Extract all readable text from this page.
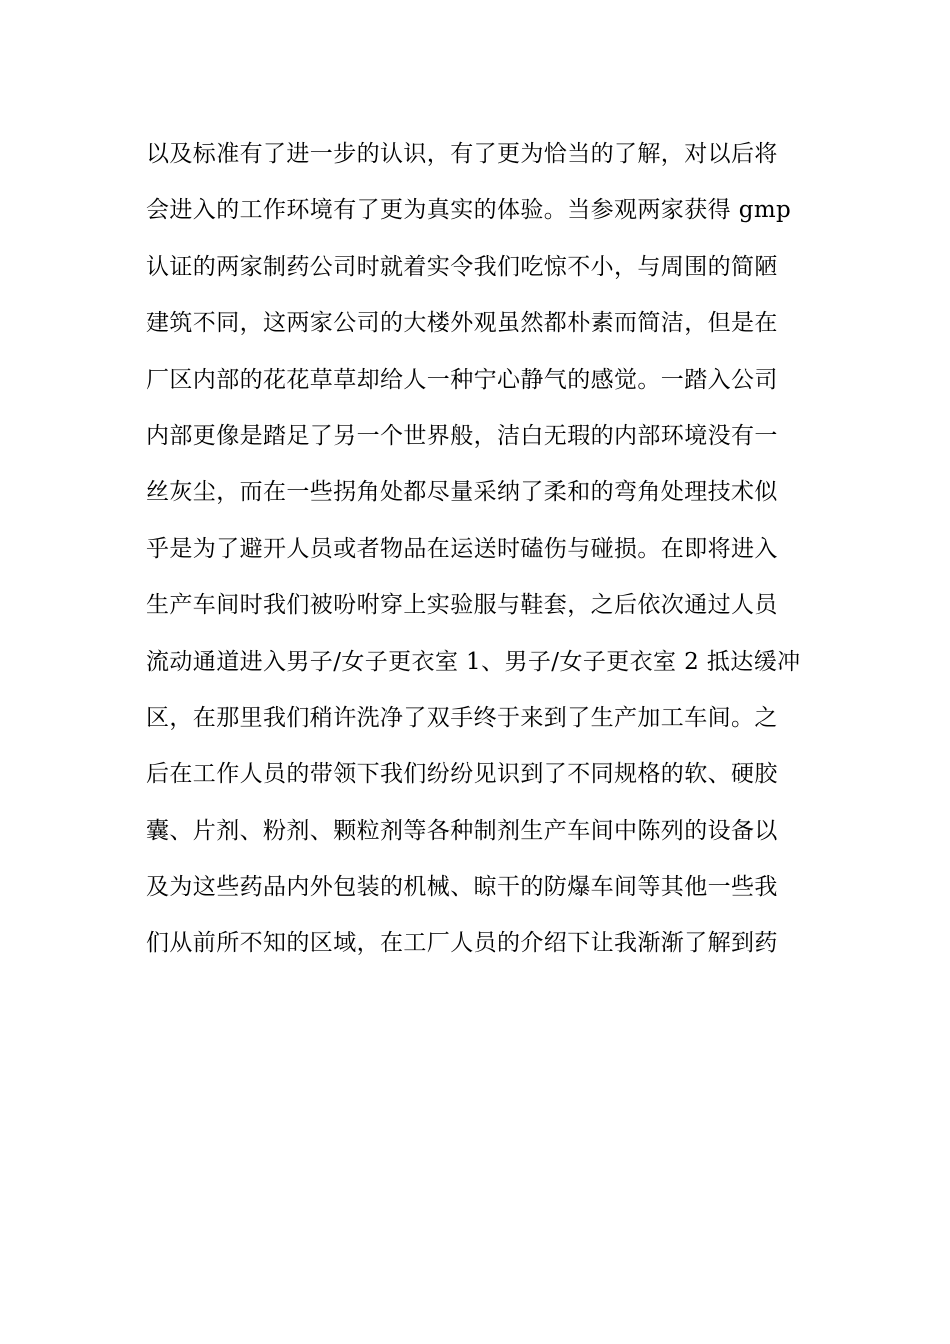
以及标准有了进一步的认识，有了更为恰当的了解，对以后将
会进入的工作环境有了更为真实的体验。当参观两家获得 gmp
认证的两家制药公司时就着实令我们吃惊不小，与周围的简陋
建筑不同，这两家公司的大楼外观虽然都朴素而简洁，但是在
厂区内部的花花草草却给人一种宁心静气的感觉。一踏入公司
内部更像是踏足了另一个世界般，洁白无瑕的内部环境没有一
丝灰尘，而在一些拐角处都尽量采纳了柔和的弯角处理技术似
乎是为了避开人员或者物品在运送时磕伤与碰损。在即将进入
生产车间时我们被吩咐穿上实验服与鞋套，之后依次通过人员
流动通道进入男子/女子更衣室 1、男子/女子更衣室 2 抵达缓冲
区，在那里我们稍许洗净了双手终于来到了生产加工车间。之
后在工作人员的带领下我们纷纷见识到了不同规格的软、硬胶
囊、片剂、粉剂、颗粒剂等各种制剂生产车间中陈列的设备以
及为这些药品内外包装的机械、晾干的防爆车间等其他一些我
们从前所不知的区域，在工厂人员的介绍下让我渐渐了解到药
